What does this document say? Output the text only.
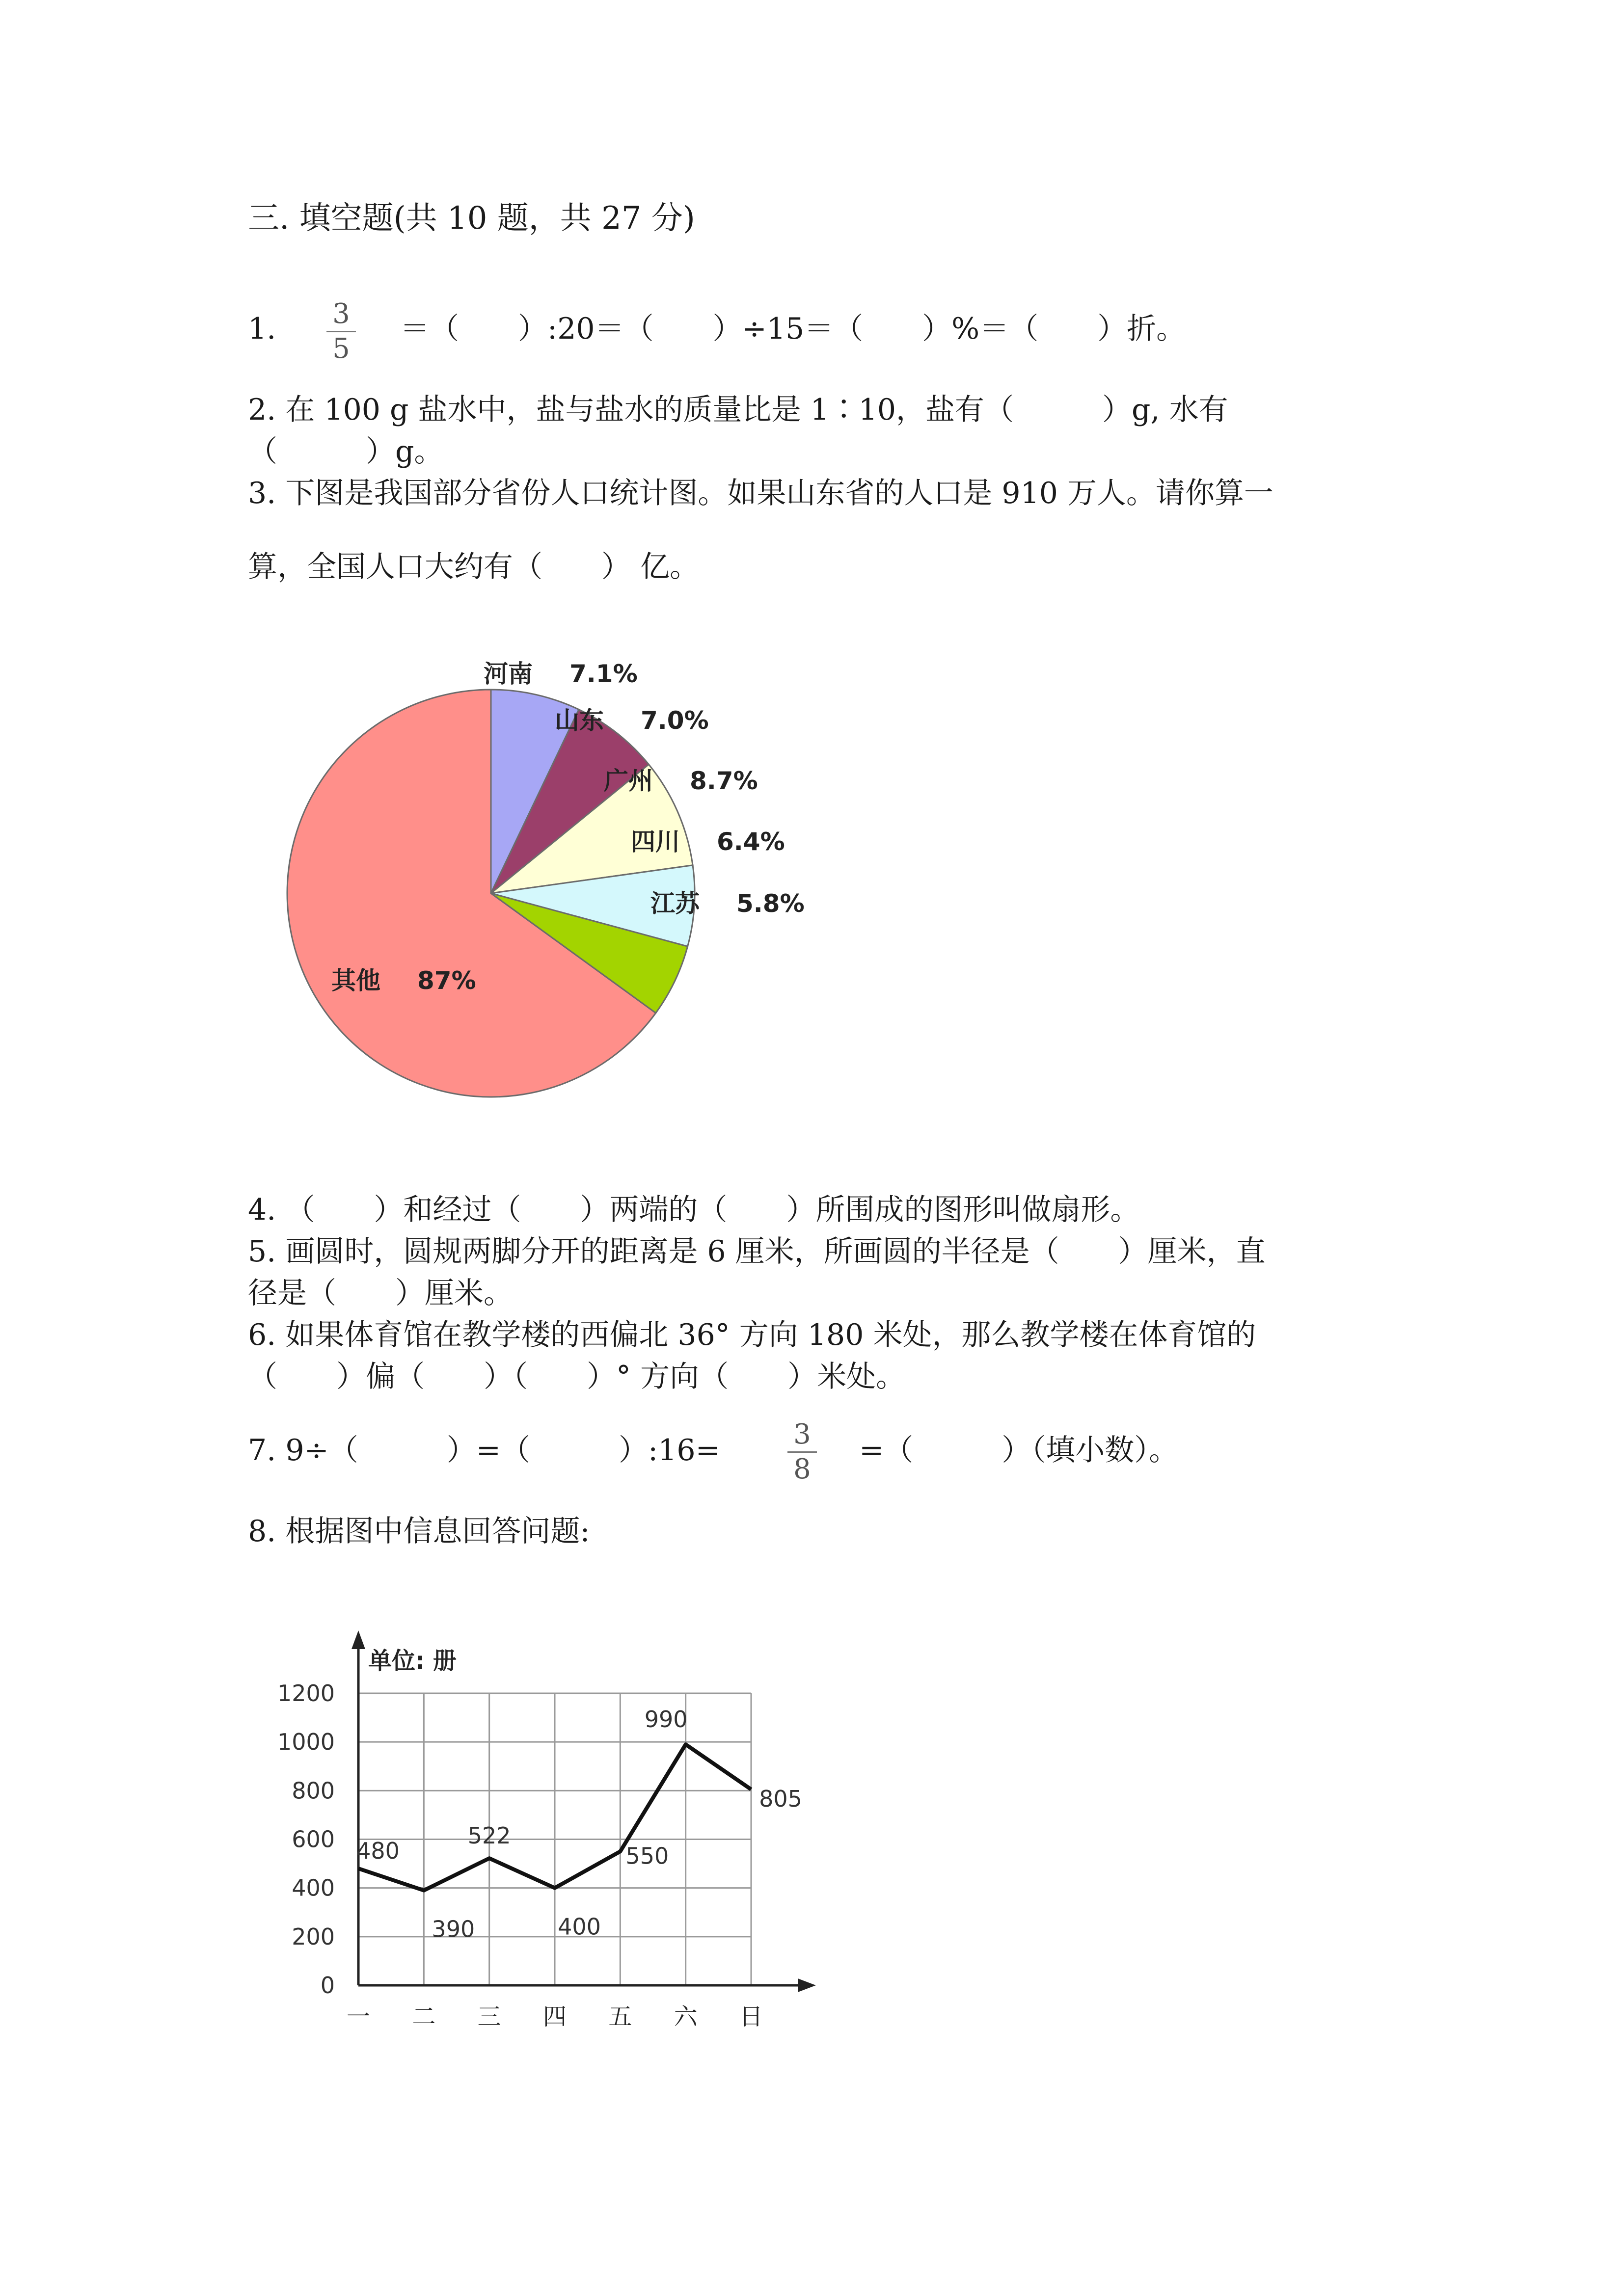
三. 填空题(共 10 题，共 27 分)
1. 3
5
＝（　　）:20＝（　　）÷15＝（　　）%＝（　　）折。
2. 在 100 g 盐水中，盐与盐水的质量比是 1∶10，盐有（　　　）g, 水有
（　　　）g。
3. 下图是我国部分省份人口统计图。如果山东省的人口是 910 万人。请你算一
算，全国人口大约有（　　） 亿。
河南 7.1%
山东 7.0%
广州 8.7%
四川 6.4%
江苏 5.8%
其他 87%
4. （　　）和经过（　　）两端的（　　）所围成的图形叫做扇形。
5. 画圆时，圆规两脚分开的距离是 6 厘米，所画圆的半径是（　　）厘米，直
径是（　　）厘米。
6. 如果体育馆在教学楼的西偏北 36° 方向 180 米处，那么教学楼在体育馆的
（　　）偏（　　）（　　）° 方向（　　）米处。
7. 9÷（　　　）=（　　　）:16=	3
8
=（　　　）（填小数）。
8. 根据图中信息回答问题:
0
200
400
600
800
1000
1200
一 二 三 四 五 六 日
480
390
522
400
550
990
805
单位: 册
